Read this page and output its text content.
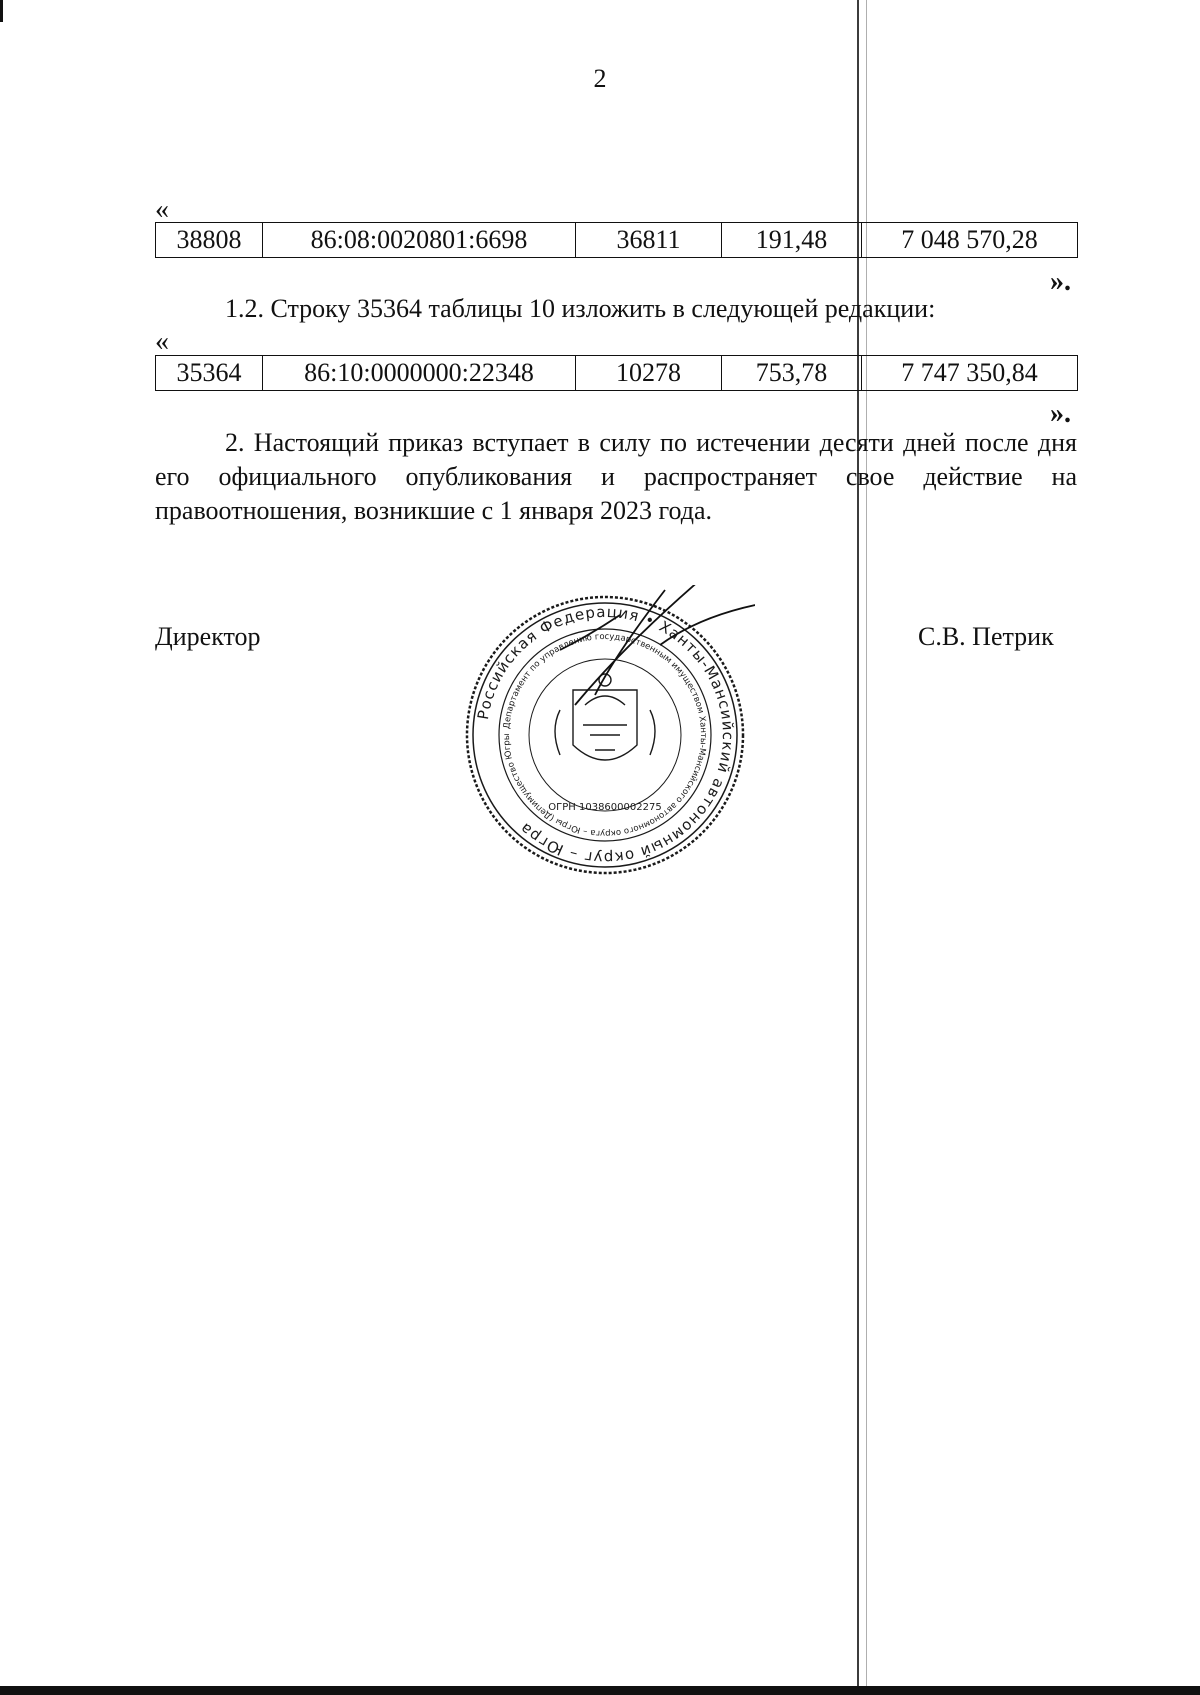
2
«
38808	86:08:0020801:6698	36811	191,48	7 048 570,28
».
1.2. Строку 35364 таблицы 10 изложить в следующей редакции:
«
35364	86:10:0000000:22348	10278	753,78	7 747 350,84
».
2. Настоящий приказ вступает в силу по истечении десяти дней после дня его официального опубликования и распространяет свое действие на правоотношения, возникшие с 1 января 2023 года.
Директор	С.В. Петрик
Российская Федерация • Ханты-Мансийский автономный округ – Югра
Департамент по управлению государственным имуществом Ханты-Мансийского автономного округа – Югры (Депимущество Югры
ОГРН 1038600002275
